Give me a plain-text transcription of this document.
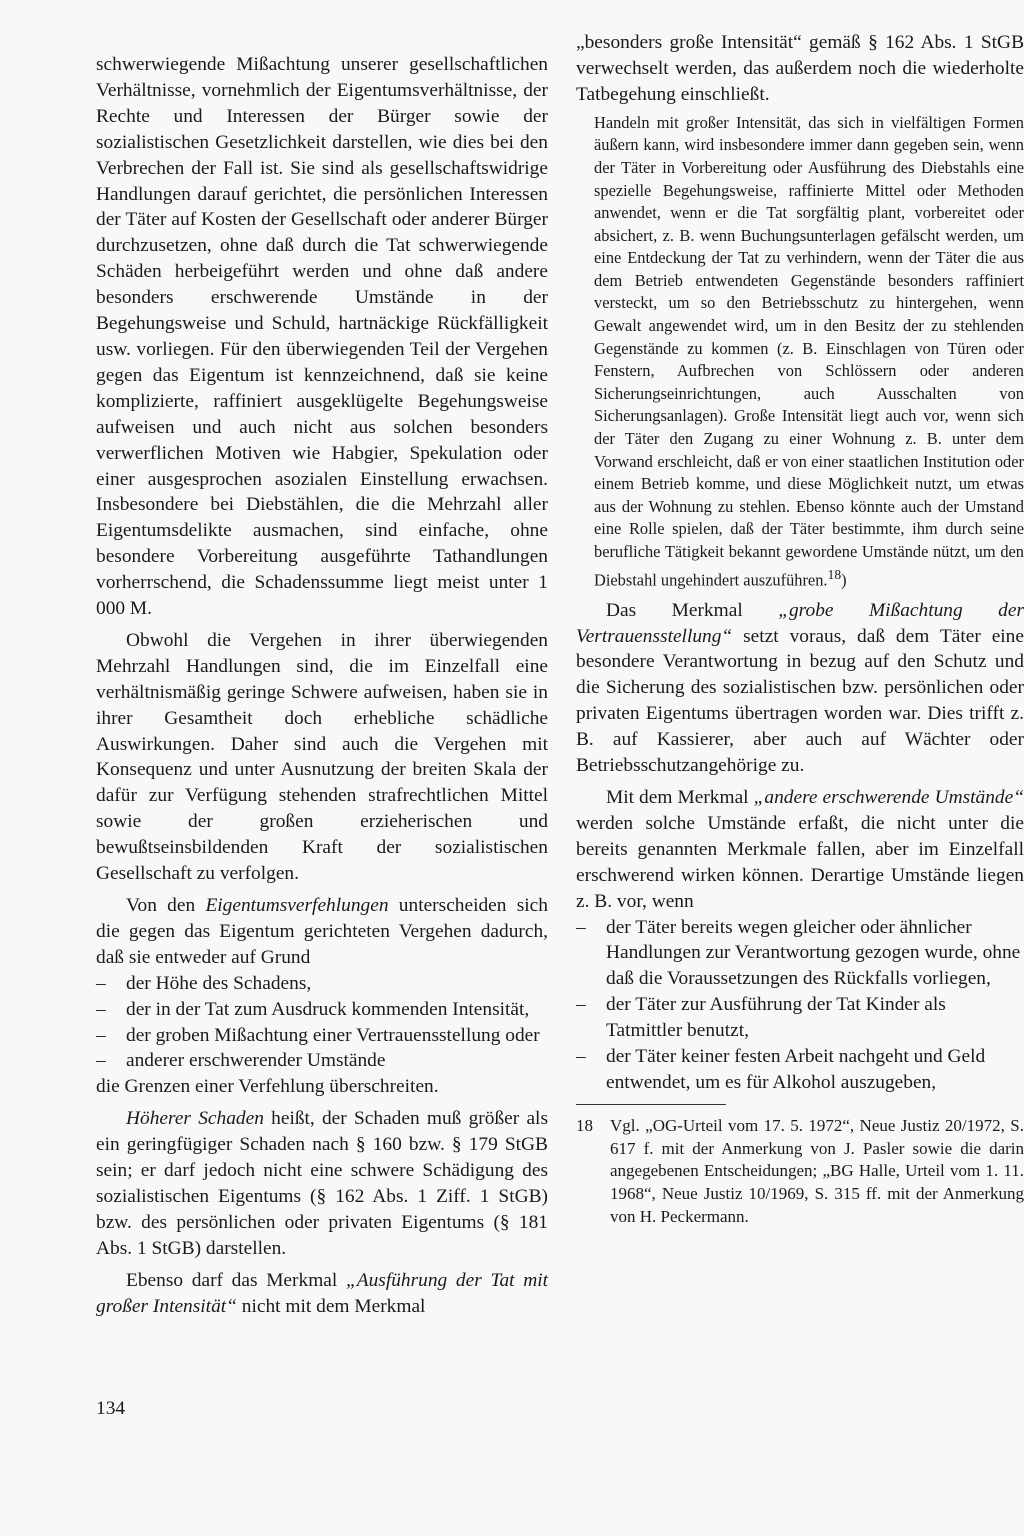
schwerwiegende Mißachtung unserer gesellschaftlichen Verhältnisse, vornehmlich der Eigentumsverhältnisse, der Rechte und Interessen der Bürger sowie der sozialistischen Gesetzlichkeit darstellen, wie dies bei den Verbrechen der Fall ist. Sie sind als gesellschaftswidrige Handlungen darauf gerichtet, die persönlichen Interessen der Täter auf Kosten der Gesellschaft oder anderer Bürger durchzusetzen, ohne daß durch die Tat schwerwiegende Schäden herbeigeführt werden und ohne daß andere besonders erschwerende Umstände in der Begehungsweise und Schuld, hartnäckige Rückfälligkeit usw. vorliegen. Für den überwiegenden Teil der Vergehen gegen das Eigentum ist kennzeichnend, daß sie keine komplizierte, raffiniert ausgeklügelte Begehungsweise aufweisen und auch nicht aus solchen besonders verwerflichen Motiven wie Habgier, Spekulation oder einer ausgesprochen asozialen Einstellung erwachsen. Insbesondere bei Diebstählen, die die Mehrzahl aller Eigentumsdelikte ausmachen, sind einfache, ohne besondere Vorbereitung ausgeführte Tathandlungen vorherrschend, die Schadenssumme liegt meist unter 1 000 M.

Obwohl die Vergehen in ihrer überwiegenden Mehrzahl Handlungen sind, die im Einzelfall eine verhältnismäßig geringe Schwere aufweisen, haben sie in ihrer Gesamtheit doch erhebliche schädliche Auswirkungen. Daher sind auch die Vergehen mit Konsequenz und unter Ausnutzung der breiten Skala der dafür zur Verfügung stehenden strafrechtlichen Mittel sowie der großen erzieherischen und bewußtseinsbildenden Kraft der sozialistischen Gesellschaft zu verfolgen.

Von den Eigentumsverfehlungen unterscheiden sich die gegen das Eigentum gerichteten Vergehen dadurch, daß sie entweder auf Grund

– der Höhe des Schadens,
– der in der Tat zum Ausdruck kommenden Intensität,
– der groben Mißachtung einer Vertrauensstellung oder
– anderer erschwerender Umstände

die Grenzen einer Verfehlung überschreiten.

Höherer Schaden heißt, der Schaden muß größer als ein geringfügiger Schaden nach § 160 bzw. § 179 StGB sein; er darf jedoch nicht eine schwere Schädigung des sozialistischen Eigentums (§ 162 Abs. 1 Ziff. 1 StGB) bzw. des persönlichen oder privaten Eigentums (§ 181 Abs. 1 StGB) darstellen.

Ebenso darf das Merkmal „Ausführung der Tat mit großer Intensität“ nicht mit dem Merkmal

„besonders große Intensität“ gemäß § 162 Abs. 1 StGB verwechselt werden, das außerdem noch die wiederholte Tatbegehung einschließt.

Handeln mit großer Intensität, das sich in vielfältigen Formen äußern kann, wird insbesondere immer dann gegeben sein, wenn der Täter in Vorbereitung oder Ausführung des Diebstahls eine spezielle Begehungsweise, raffinierte Mittel oder Methoden anwendet, wenn er die Tat sorgfältig plant, vorbereitet oder absichert, z. B. wenn Buchungsunterlagen gefälscht werden, um eine Entdeckung der Tat zu verhindern, wenn der Täter die aus dem Betrieb entwendeten Gegenstände besonders raffiniert versteckt, um so den Betriebsschutz zu hintergehen, wenn Gewalt angewendet wird, um in den Besitz der zu stehlenden Gegenstände zu kommen (z. B. Einschlagen von Türen oder Fenstern, Aufbrechen von Schlössern oder anderen Sicherungseinrichtungen, auch Ausschalten von Sicherungsanlagen). Große Intensität liegt auch vor, wenn sich der Täter den Zugang zu einer Wohnung z. B. unter dem Vorwand erschleicht, daß er von einer staatlichen Institution oder einem Betrieb komme, und diese Möglichkeit nutzt, um etwas aus der Wohnung zu stehlen. Ebenso könnte auch der Umstand eine Rolle spielen, daß der Täter bestimmte, ihm durch seine berufliche Tätigkeit bekannt gewordene Umstände nützt, um den Diebstahl ungehindert auszuführen.$^{18}$)

Das Merkmal „grobe Mißachtung der Vertrauensstellung“ setzt voraus, daß dem Täter eine besondere Verantwortung in bezug auf den Schutz und die Sicherung des sozialistischen bzw. persönlichen oder privaten Eigentums übertragen worden war. Dies trifft z. B. auf Kassierer, aber auch auf Wächter oder Betriebsschutzangehörige zu.

Mit dem Merkmal „andere erschwerende Umstände“ werden solche Umstände erfaßt, die nicht unter die bereits genannten Merkmale fallen, aber im Einzelfall erschwerend wirken können. Derartige Umstände liegen z. B. vor, wenn

– der Täter bereits wegen gleicher oder ähnlicher Handlungen zur Verantwortung gezogen wurde, ohne daß die Voraussetzungen des Rückfalls vorliegen,
– der Täter zur Ausführung der Tat Kinder als Tatmittler benutzt,
– der Täter keiner festen Arbeit nachgeht und Geld entwendet, um es für Alkohol auszugeben,
18	Vgl. „OG-Urteil vom 17. 5. 1972“, Neue Justiz 20/1972, S. 617 f. mit der Anmerkung von J. Pasler sowie die darin angegebenen Entscheidungen; „BG Halle, Urteil vom 1. 11. 1968“, Neue Justiz 10/1969, S. 315 ff. mit der Anmerkung von H. Peckermann.
134
